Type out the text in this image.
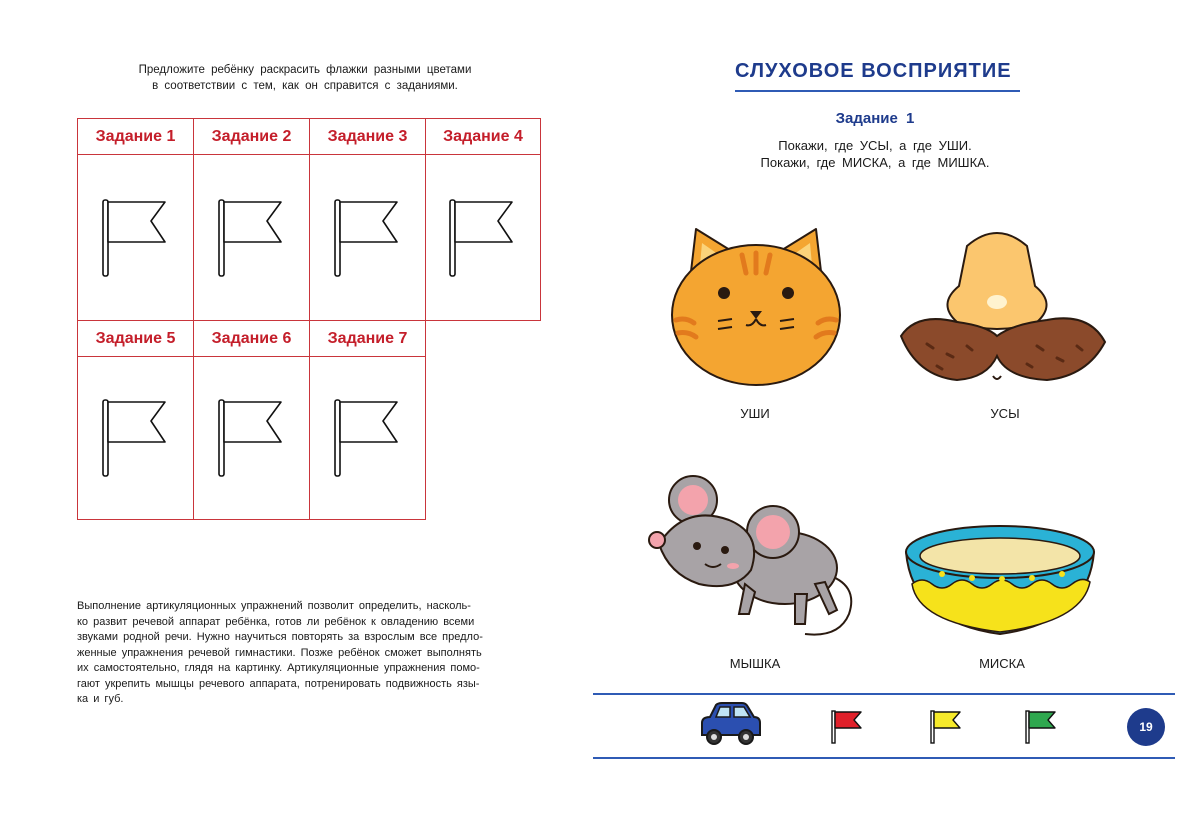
Предложите ребёнку раскрасить флажки разными цветами
в соответствии с тем, как он справится с заданиями.
Задание 1	Задание 2	Задание 3	Задание 4
Задание 5	Задание 6	Задание 7
Выполнение артикуляционных упражнений позволит определить, насколь-
ко развит речевой аппарат ребёнка, готов ли ребёнок к овладению всеми
звуками родной речи. Нужно научиться повторять за взрослым все предло-
женные упражнения речевой гимнастики. Позже ребёнок сможет выполнять
их самостоятельно, глядя на картинку. Артикуляционные упражнения помо-
гают укрепить мышцы речевого аппарата, потренировать подвижность язы-
ка и губ.
СЛУХОВОЕ ВОСПРИЯТИЕ
Задание 1
Покажи, где УСЫ, а где УШИ.
Покажи, где МИСКА, а где МИШКА.
УШИ	УСЫ
МЫШКА	МИСКА
19
